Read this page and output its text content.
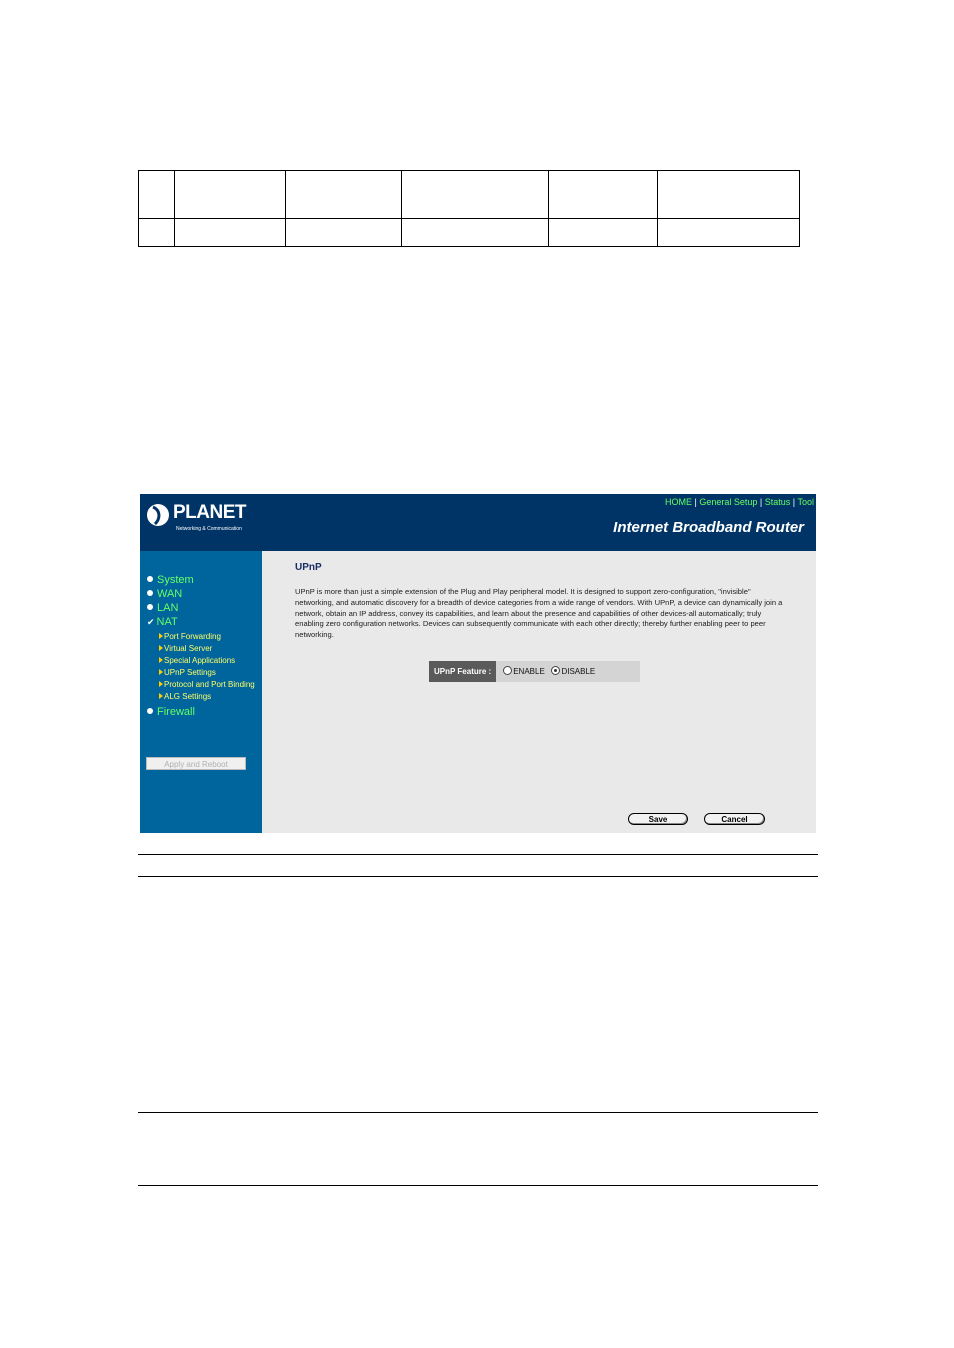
PLANET
Networking & Communication
HOME | General Setup | Status | Tool
Internet Broadband Router
System
WAN
LAN
✔ NAT
Port Forwarding
Virtual Server
Special Applications
UPnP Settings
Protocol and Port Binding
ALG Settings
Firewall
Apply and Reboot
UPnP
UPnP is more than just a simple extension of the Plug and Play peripheral model. It is designed to support zero-configuration, "invisible" networking, and automatic discovery for a breadth of device categories from a wide range of vendors. With UPnP, a device can dynamically join a network, obtain an IP address, convey its capabilities, and learn about the presence and capabilities of other devices-all automatically; truly enabling zero configuration networks. Devices can subsequently communicate with each other directly; thereby further enabling peer to peer networking.
UPnP Feature :	ENABLE DISABLE
Save	Cancel
